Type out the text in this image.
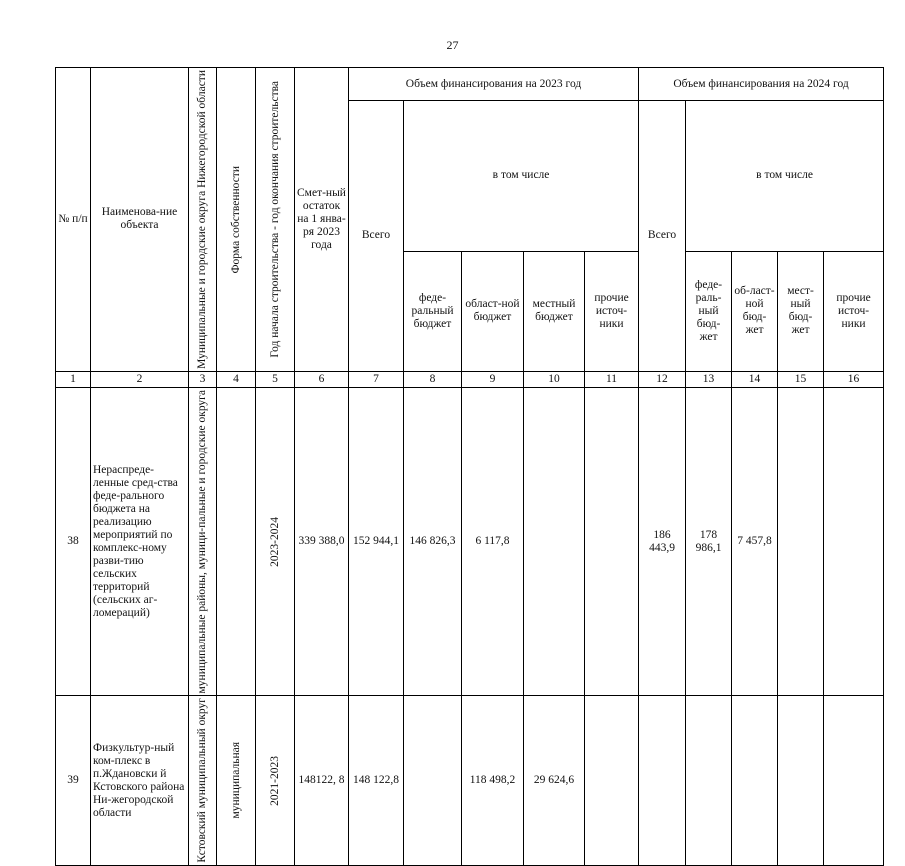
27
№ п/п	Наименова-ние объекта	Муниципальные и городские округа Нижегородской области	Форма собственности	Год начала строительства - год окончания строительства	Смет-ный остаток на 1 янва-ря 2023 года	Объем финансирования на 2023 год					Объем финансирования на 2024 год				
						Всего	в том числе				Всего	в том числе			
							феде-ральный бюджет	област-ной бюджет	местный бюджет	прочие источ-ники		феде-раль-ный бюд-жет	об-ласт-ной бюд-жет	мест-ный бюд-жет	прочие источ-ники
1	2	3	4	5	6	7	8	9	10	11	12	13	14	15	16
38	Нераспреде-ленные сред-ства феде-рального бюджета на реализацию мероприятий по комплекс-ному разви-тию сельских территорий (сельских аг-ломераций)	муниципальные районы, муници-пальные и городские округа		2023-2024	339 388,0	152 944,1	146 826,3	6 117,8			186 443,9	178 986,1	7 457,8		
39	Физкультур-ный ком-плекс в п.Ждановски й Кстовского района Ни-жегородской области	Кстовский муниципальный округ	муниципальная	2021-2023	148122, 8	148 122,8		118 498,2	29 624,6						
